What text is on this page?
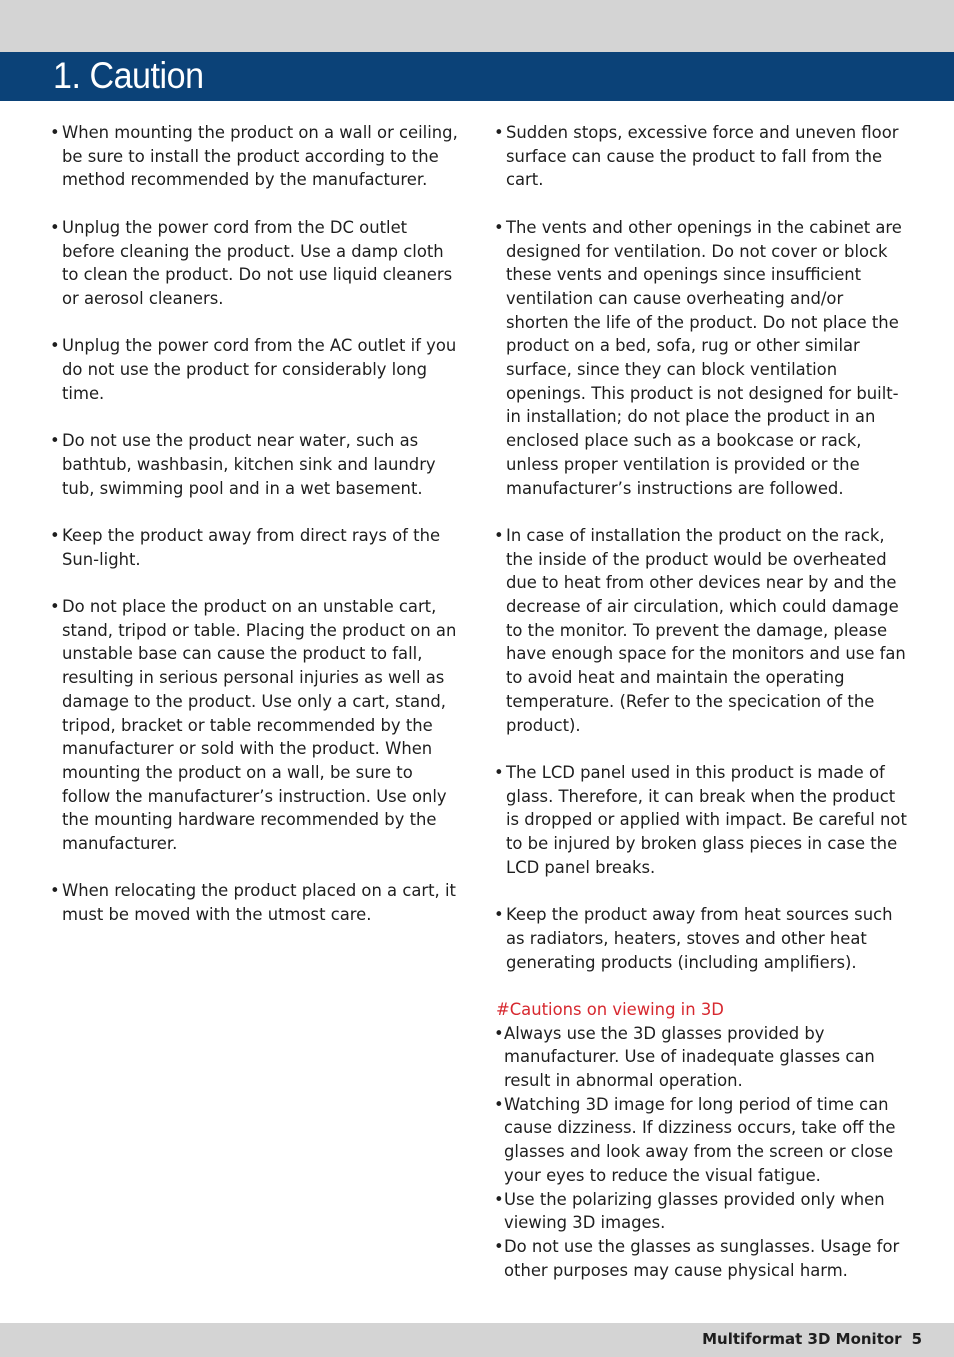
1. Caution

• When mounting the product on a wall or ceiling, be sure to install the product according to the method recommended by the manufacturer.

• Unplug the power cord from the DC outlet before cleaning the product. Use a damp cloth to clean the product. Do not use liquid cleaners or aerosol cleaners.

• Unplug the power cord from the AC outlet if you do not use the product for considerably long time.

• Do not use the product near water, such as bathtub, washbasin, kitchen sink and laundry tub, swimming pool and in a wet basement.

• Keep the product away from direct rays of the Sun-light.

• Do not place the product on an unstable cart, stand, tripod or table. Placing the product on an unstable base can cause the product to fall, resulting in serious personal injuries as well as damage to the product. Use only a cart, stand, tripod, bracket or table recommended by the manufacturer or sold with the product. When mounting the product on a wall, be sure to follow the manufacturer’s instruction. Use only the mounting hardware recommended by the manufacturer.

• When relocating the product placed on a cart, it must be moved with the utmost care.

• Sudden stops, excessive force and uneven floor surface can cause the product to fall from the cart.

• The vents and other openings in the cabinet are designed for ventilation. Do not cover or block these vents and openings since insufficient ventilation can cause overheating and/or shorten the life of the product. Do not place the product on a bed, sofa, rug or other similar surface, since they can block ventilation openings. This product is not designed for built-in installation; do not place the product in an enclosed place such as a bookcase or rack, unless proper ventilation is provided or the manufacturer’s instructions are followed.

• In case of installation the product on the rack, the inside of the product would be overheated due to heat from other devices near by and the decrease of air circulation, which could damage to the monitor. To prevent the damage, please have enough space for the monitors and use fan to avoid heat and maintain the operating temperature. (Refer to the specication of the product).

• The LCD panel used in this product is made of glass. Therefore, it can break when the product is dropped or applied with impact. Be careful not to be injured by broken glass pieces in case the LCD panel breaks.

• Keep the product away from heat sources such as radiators, heaters, stoves and other heat generating products (including amplifiers).

#Cautions on viewing in 3D

• Always use the 3D glasses provided by manufacturer. Use of inadequate glasses can result in abnormal operation.

• Watching 3D image for long period of time can cause dizziness. If dizziness occurs, take off the glasses and look away from the screen or close your eyes to reduce the visual fatigue.

• Use the polarizing glasses provided only when viewing 3D images.

• Do not use the glasses as sunglasses. Usage for other purposes may cause physical harm.

Multiformat 3D Monitor 5
